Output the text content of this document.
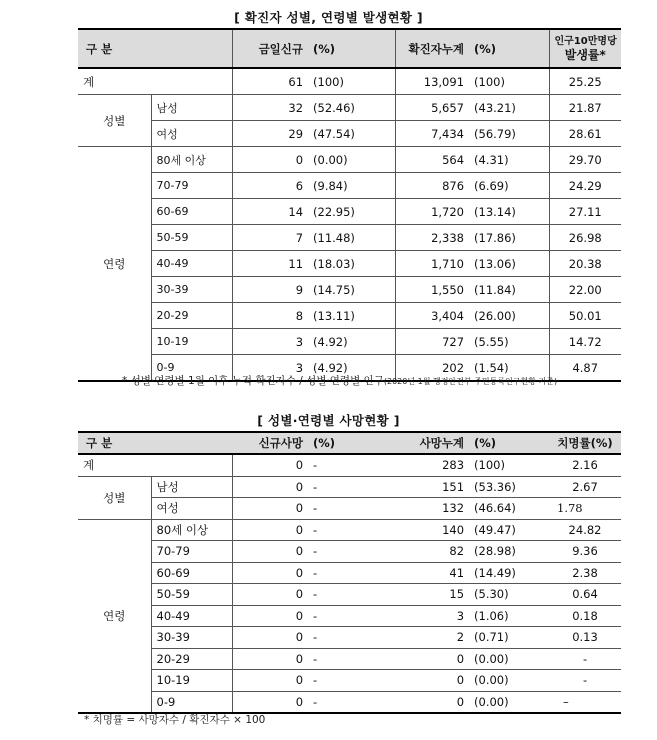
[ 확진자 성별, 연령별 발생현황 ]
구 분		금일신규	(%)	확진자누계	(%)	인구10만명당
발생률*

계		61	(100)	13,091	(100)	25.25
성별	남성	32	(52.46)	5,657	(43.21)	21.87
	여성	29	(47.54)	7,434	(56.79)	28.61
연령	80세 이상	0	(0.00)	564	(4.31)	29.70
	70-79	6	(9.84)	876	(6.69)	24.29
	60-69	14	(22.95)	1,720	(13.14)	27.11
	50-59	7	(11.48)	2,338	(17.86)	26.98
	40-49	11	(18.03)	1,710	(13.06)	20.38
	30-39	9	(14.75)	1,550	(11.84)	22.00
	20-29	8	(13.11)	3,404	(26.00)	50.01
	10-19	3	(4.92)	727	(5.55)	14.72
	0-9	3	(4.92)	202	(1.54)	4.87
* 성별·연령별 1월 이후 누적 확진자수 / 성별·연령별 인구(2020년 1월 행정안전부 주민등록인구현황 기준)
[ 성별·연령별 사망현황 ]
구 분		신규사망	(%)	사망누계	(%)	치명률(%)
계		0	-	283	(100)	2.16
성별	남성	0	-	151	(53.36)	2.67
	여성	0	-	132	(46.64)	1.78
연령	80세 이상	0	-	140	(49.47)	24.82
	70-79	0	-	82	(28.98)	9.36
	60-69	0	-	41	(14.49)	2.38
	50-59	0	-	15	(5.30)	0.64
	40-49	0	-	3	(1.06)	0.18
	30-39	0	-	2	(0.71)	0.13
	20-29	0	-	0	(0.00)	-
	10-19	0	-	0	(0.00)	-
	0-9	0	-	0	(0.00)	–
* 치명률 = 사망자수 / 확진자수 × 100
